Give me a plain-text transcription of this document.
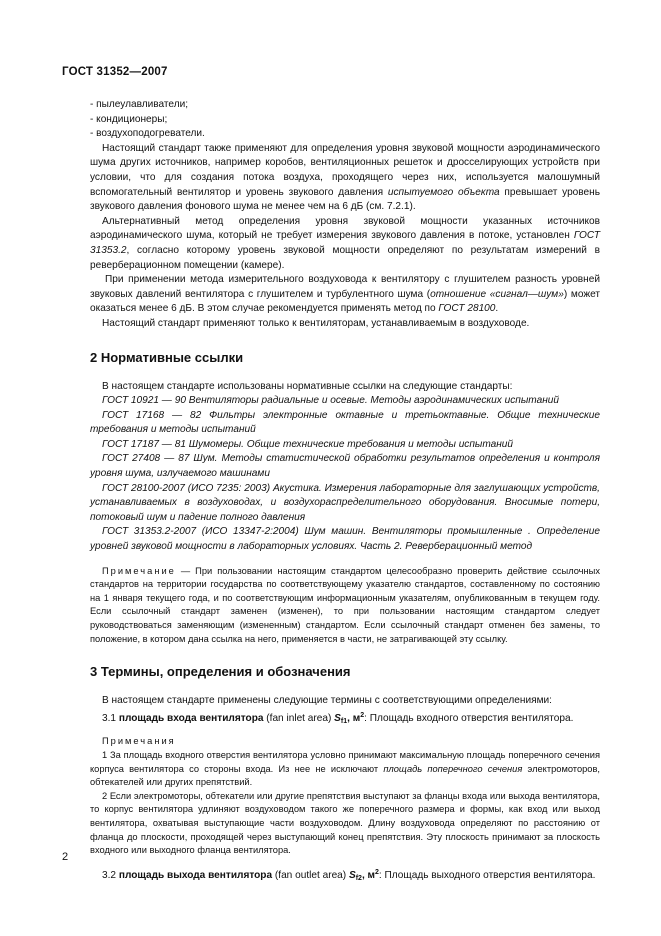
ГОСТ 31352—2007

- пылеулавливатели;

- кондиционеры;

- воздухоподогреватели.

Настоящий стандарт также применяют для определения уровня звуковой мощности аэродинамического шума других источников, например коробов, вентиляционных решеток и дросселирующих устройств при условии, что для создания потока воздуха, проходящего через них, используется малошумный вспомогательный вентилятор и уровень звукового давления испытуемого объекта превышает уровень звукового давления фонового шума не менее чем на 6 дБ (см. 7.2.1).

Альтернативный метод определения уровня звуковой мощности указанных источников аэродинамического шума, который не требует измерения звукового давления в потоке, установлен ГОСТ 31353.2, согласно которому уровень звуковой мощности определяют по результатам измерений в реверберационном помещении (камере).

При применении метода измерительного воздуховода к вентилятору с глушителем разность уровней звуковых давлений вентилятора с глушителем и турбулентного шума (отношение «сигнал—шум») может оказаться менее 6 дБ. В этом случае рекомендуется применять метод по ГОСТ 28100.

Настоящий стандарт применяют только к вентиляторам, устанавливаемым в воздуховоде.

2 Нормативные ссылки

В настоящем стандарте использованы нормативные ссылки на следующие стандарты:

ГОСТ 10921 — 90 Вентиляторы радиальные и осевые. Методы аэродинамических испытаний

ГОСТ 17168 — 82 Фильтры электронные октавные и третьоктавные. Общие технические требования и методы испытаний

ГОСТ 17187 — 81 Шумомеры. Общие технические требования и методы испытаний

ГОСТ 27408 — 87 Шум. Методы статистической обработки результатов определения и контроля уровня шума, излучаемого машинами

ГОСТ 28100-2007 (ИСО 7235: 2003) Акустика. Измерения лабораторные для заглушающих устройств, устанавливаемых в воздуховодах, и воздухораспределительного оборудования. Вносимые потери, потоковый шум и падение полного давления

ГОСТ 31353.2-2007 (ИСО 13347-2:2004) Шум машин. Вентиляторы промышленные . Определение уровней звуковой мощности в лабораторных условиях. Часть 2. Реверберационный метод

Примечание — При пользовании настоящим стандартом целесообразно проверить действие ссылочных стандартов на территории государства по соответствующему указателю стандартов, составленному по состоянию на 1 января текущего года, и по соответствующим информационным указателям, опубликованным в текущем году. Если ссылочный стандарт заменен (изменен), то при пользовании настоящим стандартом следует руководствоваться заменяющим (измененным) стандартом. Если ссылочный стандарт отменен без замены, то положение, в котором дана ссылка на него, применяется в части, не затрагивающей эту ссылку.

3 Термины, определения и обозначения

В настоящем стандарте применены следующие термины с соответствующими определениями:

3.1 площадь входа вентилятора (fan inlet area) $S_{f1}$, $м^2$: Площадь входного отверстия вентилятора.

Примечания

1 За площадь входного отверстия вентилятора условно принимают максимальную площадь поперечного сечения корпуса вентилятора со стороны входа. Из нее не исключают площадь поперечного сечения электромоторов, обтекателей или других препятствий.

2 Если электромоторы, обтекатели или другие препятствия выступают за фланцы входа или выхода вентилятора, то корпус вентилятора удлиняют воздуховодом такого же поперечного размера и формы, как вход или выход вентилятора, охватывая выступающие части воздуховодом. Длину воздуховода определяют по расстоянию от фланца до плоскости, проходящей через выступающий конец препятствия. Эту плоскость принимают за плоскость входного или выходного фланца вентилятора.

3.2 площадь выхода вентилятора (fan outlet area) $S_{f2}$, $м^2$: Площадь выходного отверстия вентилятора.

2
